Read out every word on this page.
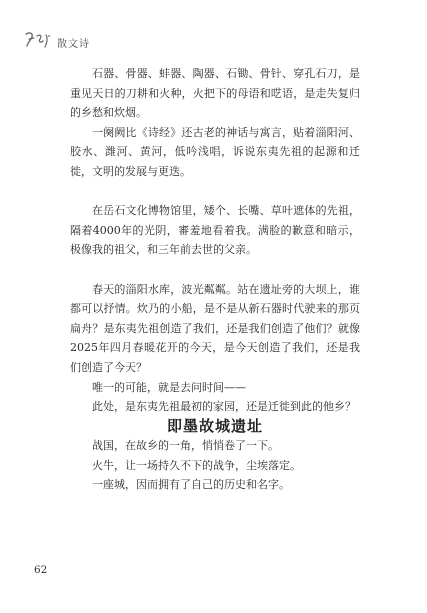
散文诗

石器、骨器、蚌器、陶器、石锄、骨针、穿孔石刀，是重见天日的刀耕和火种，火把下的母语和呓语，是走失复归的乡愁和炊烟。

一阕阙比《诗经》还古老的神话与寓言，贴着淄阳河、胶水、潍河、黄河，低吟浅唱，诉说东夷先祖的起源和迁徙，文明的发展与更迭。

在岳石文化博物馆里，矮个、长嘴、草叶遮体的先祖，隔着4000年的光阴，審羞地看着我。满脸的歉意和暗示，极像我的祖父，和三年前去世的父亲。

春天的淄阳水库，波光粼粼。站在遗址旁的大坝上，谁都可以抒情。炊乃的小船，是不是从新石器时代驶来的那页扁舟？是东夷先祖创造了我们，还是我们创造了他们？就像2025年四月春暖花开的今天，是今天创造了我们，还是我们创造了今天？

唯一的可能，就是去问时间——

此处，是东夷先祖最初的家园，还是迁徙到此的他乡？

即墨故城遗址

战国，在故乡的一角，悄悄卷了一下。

火牛，让一场持久不下的战争，尘埃落定。

一座城，因而拥有了自己的历史和名字。

62
